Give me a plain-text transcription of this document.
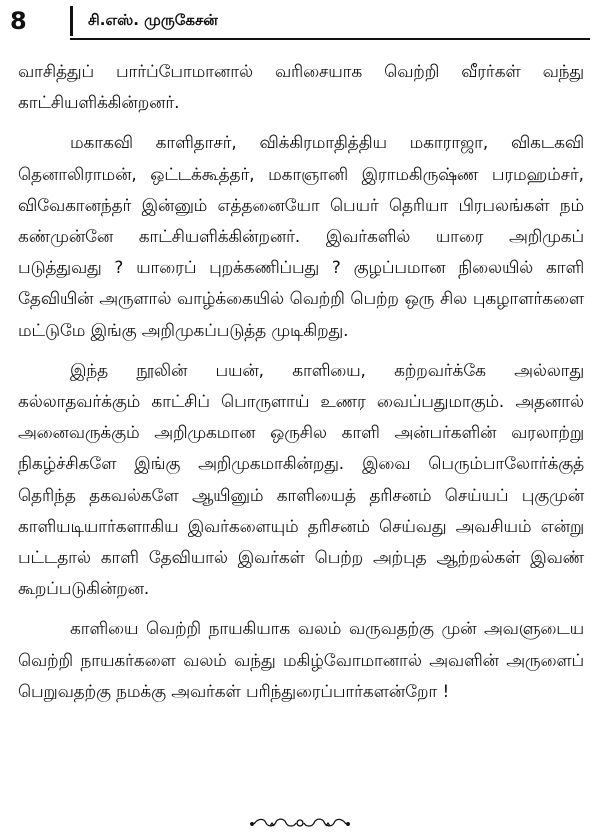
8	சி.எஸ். முருகேசன்

வாசித்துப் பார்ப்போமானால் வரிசையாக வெற்றி வீரர்கள் வந்து காட்சியளிக்கின்றனர்.

மகாகவி காளிதாசர், விக்கிரமாதித்திய மகாராஜா, விகடகவி தெனாலிராமன், ஒட்டக்கூத்தர், மகாஞானி இராமகிருஷ்ண பரமஹம்சர், விவேகானந்தர் இன்னும் எத்தனையோ பெயர் தெரியா பிரபலங்கள் நம் கண்முன்னே காட்சியளிக்கின்றனர். இவர்களில் யாரை அறிமுகப் படுத்துவது ? யாரைப் புறக்கணிப்பது ? குழப்பமான நிலையில் காளி தேவியின் அருளால் வாழ்க்கையில் வெற்றி பெற்ற ஒரு சில புகழாளர்களை மட்டுமே இங்கு அறிமுகப்படுத்த முடிகிறது.

இந்த நூலின் பயன், காளியை, கற்றவர்க்கே அல்லாது கல்லாதவர்க்கும் காட்சிப் பொருளாய் உணர வைப்பதுமாகும். அதனால் அனைவருக்கும் அறிமுகமான ஒருசில காளி அன்பர்களின் வரலாற்று நிகழ்ச்சிகளே இங்கு அறிமுகமாகின்றது. இவை பெரும்பாலோர்க்குத் தெரிந்த தகவல்களே ஆயினும் காளியைத் தரிசனம் செய்யப் புகுமுன் காளியடியார்களாகிய இவர்களையும் தரிசனம் செய்வது அவசியம் என்று பட்டதால் காளி தேவியால் இவர்கள் பெற்ற அற்புத ஆற்றல்கள் இவண் கூறப்படுகின்றன.

காளியை வெற்றி நாயகியாக வலம் வருவதற்கு முன் அவளுடைய வெற்றி நாயகர்களை வலம் வந்து மகிழ்வோமானால் அவளின் அருளைப் பெறுவதற்கு நமக்கு அவர்கள் பரிந்துரைப்பார்களன்றோ !
